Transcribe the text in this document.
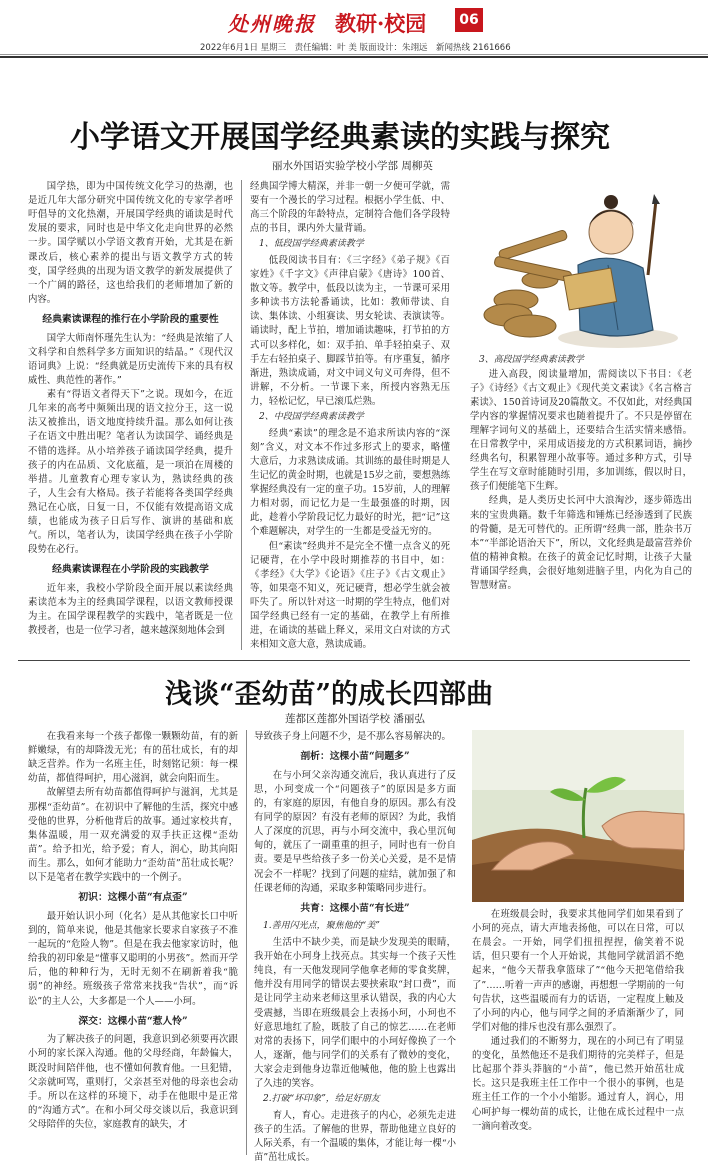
处州晚报 教研·校园	06
2022年6月1日 星期三　责任编辑：叶 美 版面设计：朱翊远　新闻热线 2161666
小学语文开展国学经典素读的实践与探究
丽水外国语实验学校小学部 周柳英

国学热，即为中国传统文化学习的热潮，也是近几年大部分研究中国传统文化的专家学者呼吁倡导的文化热潮，开展国学经典的诵读是时代发展的要求，同时也是中华文化走向世界的必然一步。国学赋以小学语文教育开始，尤其是在新课改后，核心素养的提出与语文教学方式的转变，国学经典的出现为语文教学的新发展提供了一个广阔的路径，这也给我们的老师增加了新的内容。

经典素读课程的推行在小学阶段的重要性

国学大师南怀瑾先生认为：“经典是浓缩了人文科学和自然科学多方面知识的结晶。”《现代汉语词典》上说：“经典就是历史流传下来的具有权威性、典范性的著作。”

素有“得语文者得天下”之说。现如今，在近几年来的高考中频频出现的语文拉分王，这一说法又被推出，语文地度持续升温。那么如何让孩子在语文中胜出呢？笔者认为读国学、诵经典是不错的选择。从小培养孩子诵读国学经典，提升孩子的内在品质、文化底蕴，是一项泊在周楼的举措。儿童教育心理专家认为，熟读经典的孩子，人生会有大格局。孩子若能将各类国学经典熟记在心底，日复一日，不仅能有效提高语文成绩，也能成为孩子日后写作、演讲的基础和底气。所以，笔者认为，读国学经典在孩子小学阶段势在必行。

经典素读课程在小学阶段的实践教学

近年来，我校小学阶段全面开展以素读经典素读范本为主的经典国学课程，以语文教师授课为主。在国学课程教学的实践中，笔者既是一位教授者，也是一位学习者，越来越深刻地体会到

经典国学博大精深，并非一朝一夕便可学就，需要有一个漫长的学习过程。根据小学生低、中、高三个阶段的年龄特点，定制符合他们各学段特点的书目，课内外大量背诵。

1、低段国学经典素读教学

低段阅读书目有：《三字经》《弟子规》《百家姓》《千字文》《声律启蒙》《唐诗》100首、散文等。教学中，低段以读为主，一节课可采用多种读书方法轮番诵读，比如：教师带读、自读、集体读、小组赛读、男女轮读、表演读等。诵读时，配上节拍，增加诵读趣味，打节拍的方式可以多样化，如：双手拍、单手轻拍桌子、双手左右轻拍桌子、脚踩节拍等。有序重复，循序渐进，熟读成诵，对文中词义句义可奔得，但不讲解，不分析。一节课下来，所授内容熟无压力，轻松记忆，早已滚瓜烂熟。

2、中段国学经典素读教学

经典“素读”的理念是不追求所读内容的“深刻”含义，对文本不作过多形式上的要求，略懂大意后，力求熟读成诵。其训练的最佳时期是人生记忆的黄金时期，也就是15岁之前，要想熟练掌握经典没有一定的童子功。15岁前，人的理解力相对弱，而记忆力是一生最强盛的时期，因此，趁着小学阶段记忆力最好的时光，把“记”这个难题解决，对学生的一生都是受益无穷的。

但“素读”经典并不是完全不懂一点含义的死记硬背，在小学中段时期推荐的书目中，如：《孝经》《大学》《论语》《庄子》《古文观止》等，如果毫不知义，死记硬背，想必学生就会被吓失了。所以针对这一时期的学生特点，他们对国学经典已经有一定的基础，在教学上有所推进，在诵读的基础上释义，采用文白对读的方式来相知文意大意，熟读成诵。

3、高段国学经典素读教学

进入高段，阅读量增加，需阅读以下书目：《老子》《诗经》《古文观止》《现代美文素读》《名言格言素读》、150首诗词及20篇散文。不仅如此，对经典国学内容的掌握情况要求也随着提升了。不只是停留在理解字词句义的基础上，还要结合生活实情来感悟。在日常教学中，采用成语接龙的方式积累词语，摘抄经典名句，积累智理小故事等。通过多种方式，引导学生在写文章时能随时引用，多加训练，假以时日，孩子们便能笔下生辉。

经典，是人类历史长河中大浪淘沙，逐步筛选出来的宝贵典籍。数千年筛选和锤炼已经渗透到了民族的骨髓，是无可替代的。正所谓“经典一部，胜杂书万本”“半部论语治天下”，所以，文化经典是最富营养价值的精神食粮。在孩子的黄金记忆时期，让孩子大量背诵国学经典，会很好地刻进脑子里，内化为自己的智慧财富。

浅谈“歪幼苗”的成长四部曲
莲都区莲都外国语学校 潘丽弘

在我看来每一个孩子都像一颗颗幼苗，有的新鲜嫩绿，有的却降泼无光；有的茁壮成长，有的却缺乏营养。作为一名班主任，时刻铭记须：每一棵幼苗，都值得呵护，用心滋润，就会向阳而生。

故解望去所有幼苗都值得呵护与滋润，尤其是那棵“歪幼苗”。在初识中了解他的生活，探究中感受他的世界，分析他背后的故事。通过家校共育，集体温暖，用一双充满爱的双手扶正这棵“歪幼苗”。给予扣光，给予爱；育人，润心，助其向阳而生。那么，如何才能助力“歪幼苗”茁壮成长呢？以下是笔者在教学实践中的一个例子。

初识：这棵小苗“有点歪”

最开始认识小珂（化名）是从其他家长口中听到的，简单来说，他是其他家长要求自家孩子不准一起玩的“危险人物”。但是在我去他家家访时，他给我的初印象是“懂事又聪明的小男孩”。然而开学后，他的种种行为，无时无刻不在刷新着我“脆弱”的神经。班级孩子常常来找我“告状”，而“诉讼”的主人公，大多都是一个人——小珂。

深交：这棵小苗“惹人怜”

为了解决孩子的问题，我意识到必须要再次跟小珂的家长深入沟通。他的父母经商，年龄偏大，既没时间陪伴他，也不懂如何教育他。一旦犯错，父亲就呵骂，重则打，父亲甚至对他的母亲也会动手。所以在这样的环境下，动手在他眼中是正常的“沟通方式”。在和小珂父母交谈以后，我意识到父母陪伴的失位，家庭教育的缺失，才

导致孩子身上问题不少，是不那么容易解决的。

剖析：这棵小苗“问题多”

在与小珂父亲沟通交流后，我认真进行了反思，小珂变成一个“问题孩子”的原因是多方面的，有家庭的原因，有他自身的原因。那么有没有同学的原因？有没有老师的原因？为此，我悄人了深度的沉思，再与小珂交流中，我心里沉甸甸的，就压了一副重重的担子，同时也有一份自责。要是早些给孩子多一份关心关爱，是不是情况会不一样呢？找到了问题的症结，就加强了和任课老师的沟通，采取多种策略同步进行。

共育：这棵小苗“有长进”

1.善用闪光点，聚焦他的“美”

生活中不缺少美，而是缺少发现美的眼睛，我开始在小珂身上找亮点。其实每一个孩子天性纯良，有一天他发现同学他拿老师的零食奖牌，他并没有用同学的错误去要挟索取“封口费”，而是让同学主动来老师这里承认错误，我的内心大受震撼，当即在班级晨会上表扬小珂，小珂也不好意思地红了脸，既肢了自己的惊艺……在老师对常的表扬下，同学们眼中的小珂好像换了一个人，逐渐，他与同学们的关系有了微妙的变化，大家会走到他身边靠近他喊他，他的脸上也露出了久违的笑容。

2.打破“坏印象”，给足好朋友

育人，育心。走进孩子的内心，必须先走进孩子的生活。了解他的世界，帮助他建立良好的人际关系，有一个温暖的集体，才能让每一棵“小苗”茁壮成长。

在班级晨会时，我要求其他同学们如果看到了小珂的亮点，请大声地表扬他，可以在日常，可以在晨会。一开始，同学们扭扭捏捏，偷笑着不说话，但只要有一个人开始说，其他同学就滔滔不绝起来，“他今天帮我拿篮球了”“他今天把笔借给我了”……听着一声声的感谢，再想想一学期前的一句句告状，这些温暖而有力的话语，一定程度上触及了小珂的内心，他与同学之间的矛盾渐渐少了，同学们对他的排斥也没有那么强烈了。

通过我们的不断努力，现在的小珂已有了明显的变化，虽然他还不是我们期待的完美样子，但是比起那个莽头莽脑的“小苗”，他已然开始茁壮成长。这只是我班主任工作中一个很小的事例，也是班主任工作的一个小小缩影。通过育人，润心，用心呵护每一棵幼苗的成长，让他在成长过程中一点一滴向着改变。
